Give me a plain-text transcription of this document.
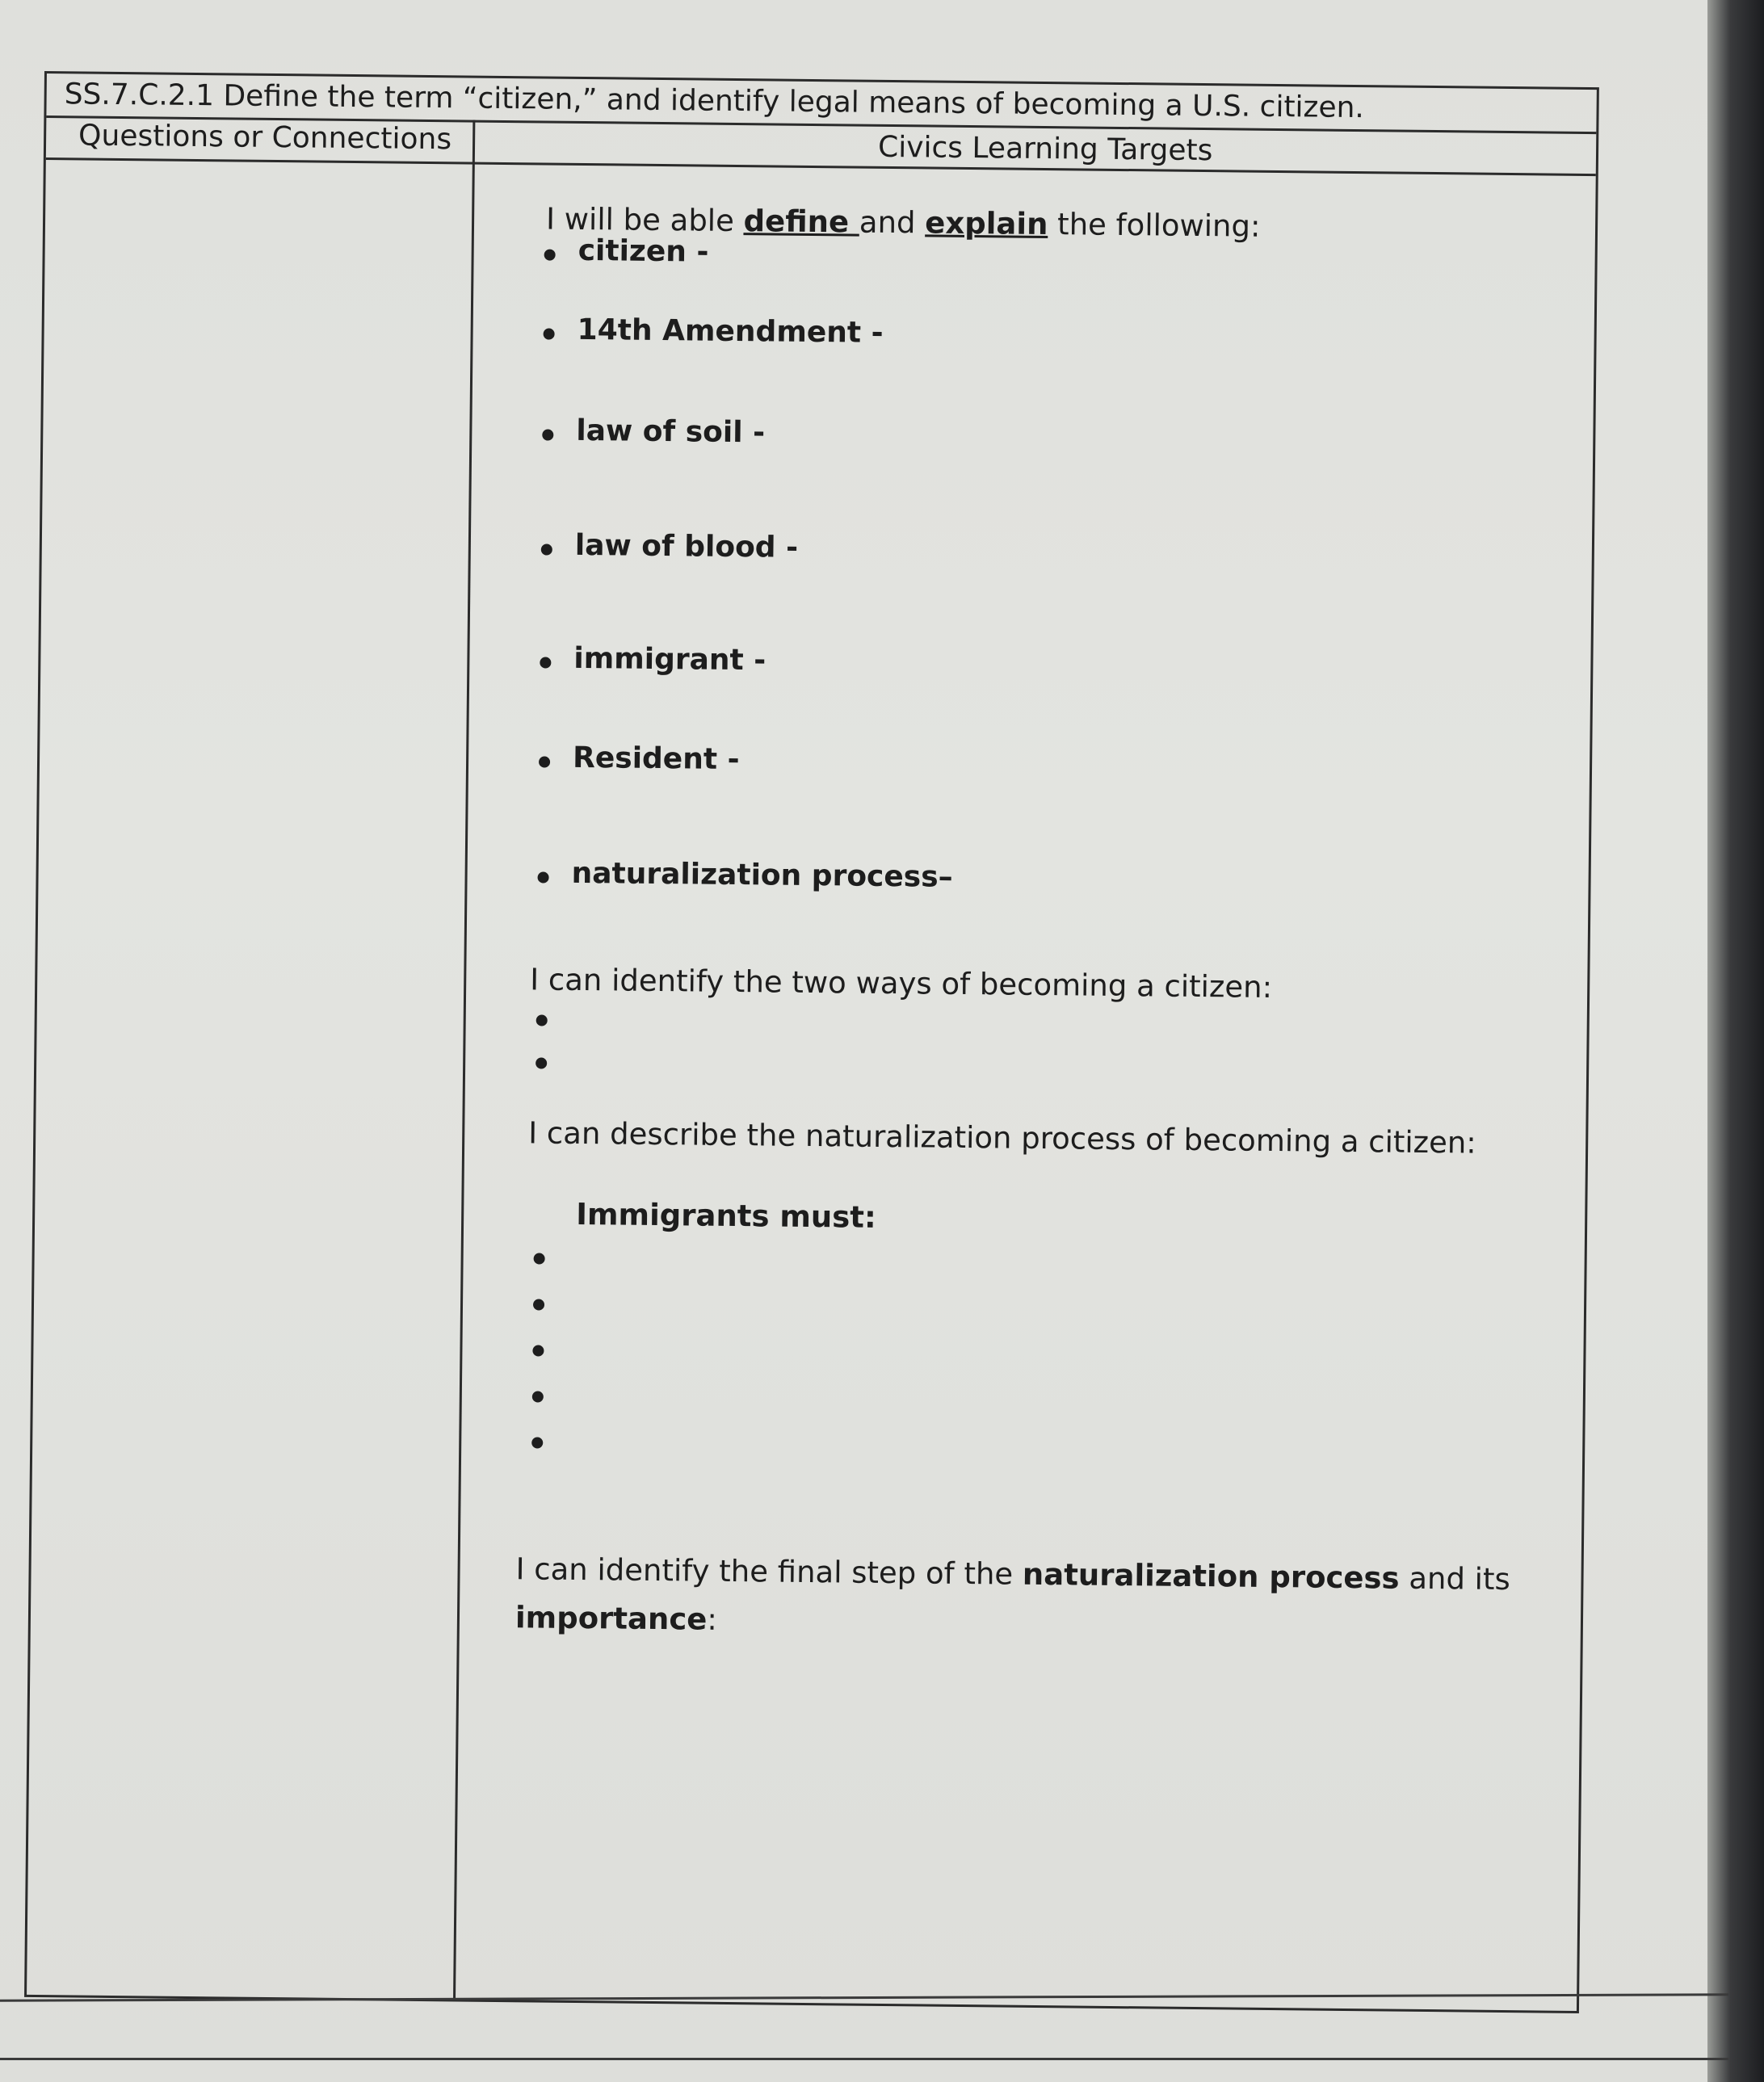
SS.7.C.2.1 Define the term “citizen,” and identify legal means of becoming a U.S. citizen.
Questions or Connections	Civics Learning Targets
I will be able define and explain the following:
citizen -
14th Amendment -
law of soil -
law of blood -
immigrant -
Resident -
naturalization process–
I can identify the two ways of becoming a citizen:
I can describe the naturalization process of becoming a citizen:
Immigrants must:
I can identify the final step of the naturalization process and its
importance:
